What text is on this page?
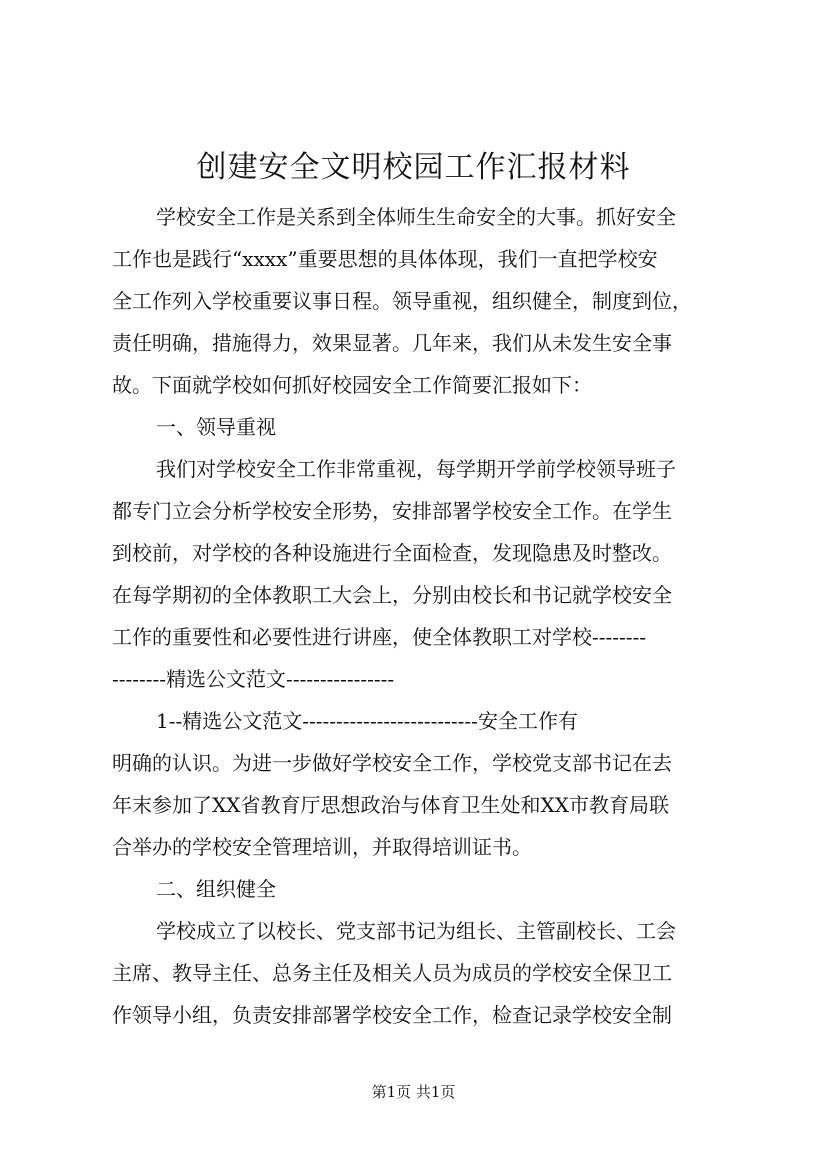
创建安全文明校园工作汇报材料
学校安全工作是关系到全体师生生命安全的大事。抓好安全
工作也是践行“xxxx”重要思想的具体体现，我们一直把学校安
全工作列入学校重要议事日程。领导重视，组织健全，制度到位，
责任明确，措施得力，效果显著。几年来，我们从未发生安全事
故。下面就学校如何抓好校园安全工作简要汇报如下：
一、领导重视
我们对学校安全工作非常重视，每学期开学前学校领导班子
都专门立会分析学校安全形势，安排部署学校安全工作。在学生
到校前，对学校的各种设施进行全面检查，发现隐患及时整改。
在每学期初的全体教职工大会上，分别由校长和书记就学校安全
工作的重要性和必要性进行讲座，使全体教职工对学校--------
--------精选公文范文----------------
1--精选公文范文--------------------------安全工作有
明确的认识。为进一步做好学校安全工作，学校党支部书记在去
年末参加了XX省教育厅思想政治与体育卫生处和XX市教育局联
合举办的学校安全管理培训，并取得培训证书。
二、组织健全
学校成立了以校长、党支部书记为组长、主管副校长、工会
主席、教导主任、总务主任及相关人员为成员的学校安全保卫工
作领导小组，负责安排部署学校安全工作，检查记录学校安全制
第1页 共1页
